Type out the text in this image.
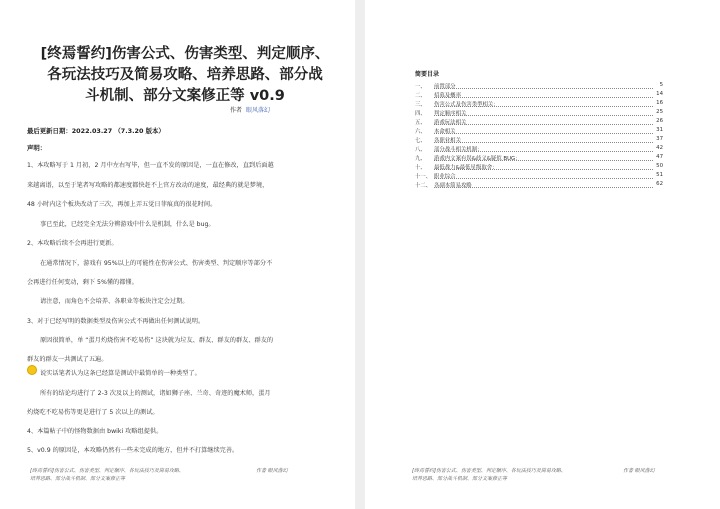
[终焉誓约]伤害公式、伤害类型、判定顺序、
各玩法技巧及简易攻略、培养思路、部分战
斗机制、部分文案修正等 v0.9
作者 眼风落幻
最后更新日期：2022.03.27 （7.3.20 版本）
声明：
1、本攻略写于 1 月初，2 月中左右写毕，但一直不发的原因是，一直在修改，直到后面越
来越离谱，以至于笔者写攻略的都速度都快赶不上官方改动的速度，最经典的就是梦境，
48 小时内这个板块改动了三次，再加上弄五觉日菲痕真的很花时间。
事已至此，已经完全无法分辨游戏中什么是机制，什么是 bug。
2、本攻略后续不会再进行更新。
在通常情况下，游戏有 95%以上的可能性在伤害公式、伤害类型、判定顺序等部分不
会再进行任何变动，剩下 5%懂的都懂。
请注意，而角色不会培养、各职业等板块注定会过期。
3、对于已经写明的数据类型及伤害公式不再做出任何测试说明。
原因很简单，单 “蛋月灼烧伤害不吃易伤” 这块就为垃友、群友、群友的群友、群友的
群友的群友一共测试了五遍。
说实话笔者认为这条已经算是测试中最简单的一种类型了。
所有的结论均进行了 2-3 次及以上的测试，诸如狮子座、兰奇、奇迹的魔术师，蛋月
灼烧吃不吃易伤等更是进行了 5 次以上的测试。
4、本篇帖子中的怪物数据由 bwiki 攻略组提供。
5、v0.9 的原因是，本攻略仍然有一些未完成的地方，但并不打算继续完善。
[终焉誓约]伤害公式、伤害类型、判定顺序、各玩法技巧及简易攻略、
培养思路、部分战斗机制、部分文案修正等
作者 眼风落幻
简要目录
一、 前置部分	5
二、 招募及概率	14
三、 伤害公式及伤害类型相关：	16
四、 判定顺序相关	25
五、 游戏玩法相关	26
六、 本命相关	31
七、 各职业相关	37
八、 部分战斗相关机制：	42
九、 游戏内文案有误&歧义&疑似 BUG：	47
十、 最低战力&最低星级取舍：	50
十一、 职业综合	51
十二、 各副本简易攻略	62
[终焉誓约]伤害公式、伤害类型、判定顺序、各玩法技巧及简易攻略、
培养思路、部分战斗机制、部分文案修正等
作者 眼风落幻
